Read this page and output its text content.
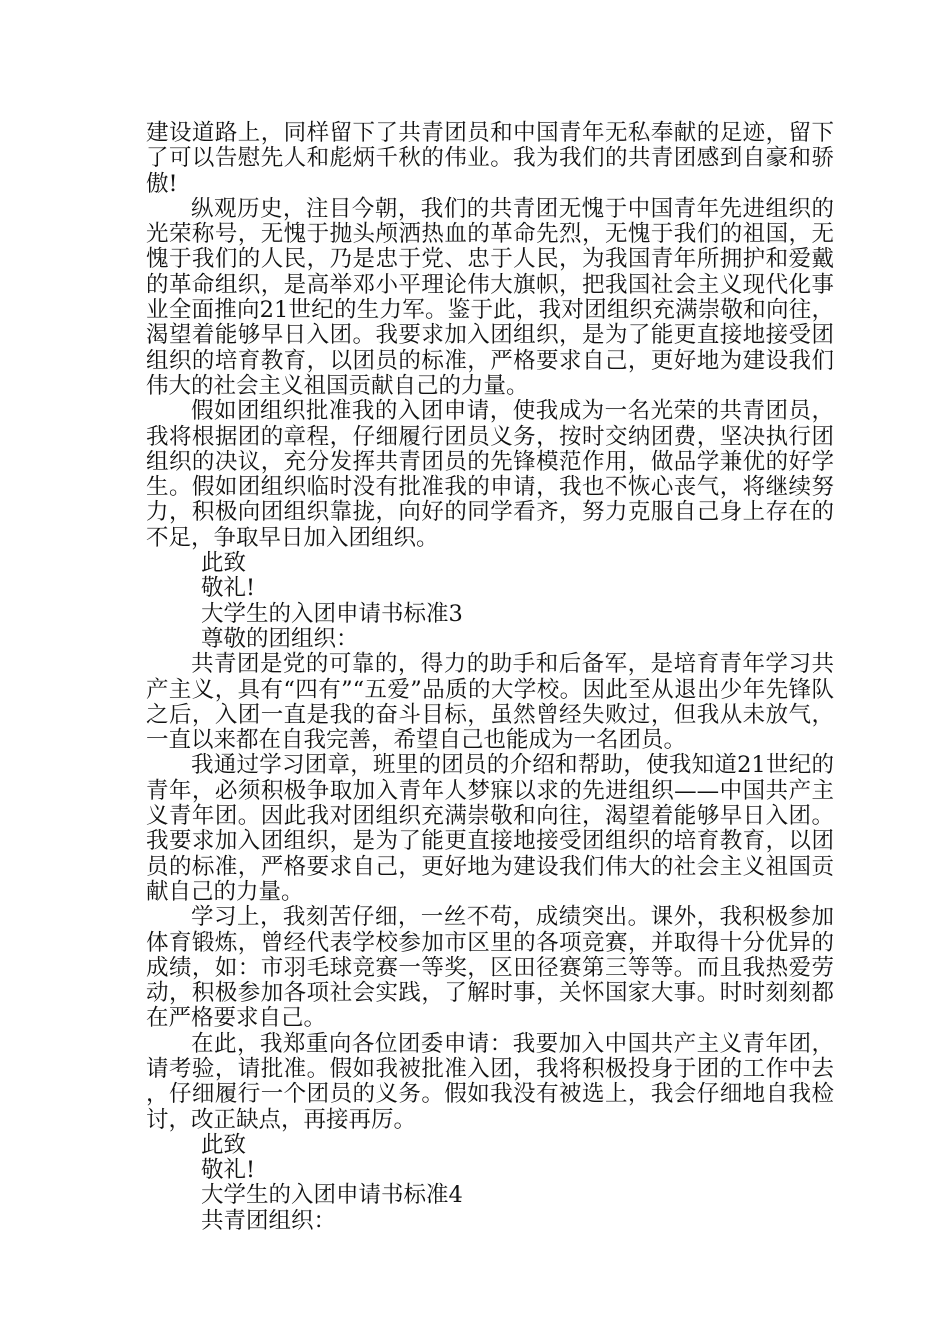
建设道路上，同样留下了共青团员和中国青年无私奉献的足迹，留下了可以告慰先人和彪炳千秋的伟业。我为我们的共青团感到自豪和骄傲!

纵观历史，注目今朝，我们的共青团无愧于中国青年先进组织的光荣称号，无愧于抛头颅洒热血的革命先烈，无愧于我们的祖国，无愧于我们的人民，乃是忠于党、忠于人民，为我国青年所拥护和爱戴的革命组织，是高举邓小平理论伟大旗帜，把我国社会主义现代化事业全面推向21世纪的生力军。鉴于此，我对团组织充满崇敬和向往，渴望着能够早日入团。我要求加入团组织，是为了能更直接地接受团组织的培育教育，以团员的标准，严格要求自己，更好地为建设我们伟大的社会主义祖国贡献自己的力量。

假如团组织批准我的入团申请，使我成为一名光荣的共青团员，我将根据团的章程，仔细履行团员义务，按时交纳团费，坚决执行团组织的决议，充分发挥共青团员的先锋模范作用，做品学兼优的好学生。假如团组织临时没有批准我的申请，我也不恢心丧气，将继续努力，积极向团组织靠拢，向好的同学看齐，努力克服自己身上存在的不足，争取早日加入团组织。

此致

敬礼!

大学生的入团申请书标准3

尊敬的团组织：

共青团是党的可靠的，得力的助手和后备军，是培育青年学习共产主义，具有“四有”“五爱”品质的大学校。因此至从退出少年先锋队之后，入团一直是我的奋斗目标，虽然曾经失败过，但我从未放气，一直以来都在自我完善，希望自己也能成为一名团员。

我通过学习团章，班里的团员的介绍和帮助，使我知道21世纪的青年，必须积极争取加入青年人梦寐以求的先进组织——中国共产主义青年团。因此我对团组织充满崇敬和向往，渴望着能够早日入团。我要求加入团组织，是为了能更直接地接受团组织的培育教育，以团员的标准，严格要求自己，更好地为建设我们伟大的社会主义祖国贡献自己的力量。

学习上，我刻苦仔细，一丝不苟，成绩突出。课外，我积极参加体育锻炼，曾经代表学校参加市区里的各项竞赛，并取得十分优异的成绩，如：市羽毛球竞赛一等奖，区田径赛第三等等。而且我热爱劳动，积极参加各项社会实践，了解时事，关怀国家大事。时时刻刻都在严格要求自己。

在此，我郑重向各位团委申请：我要加入中国共产主义青年团，请考验，请批准。假如我被批准入团，我将积极投身于团的工作中去，仔细履行一个团员的义务。假如我没有被选上，我会仔细地自我检讨，改正缺点，再接再厉。

此致

敬礼!

大学生的入团申请书标准4

共青团组织：
